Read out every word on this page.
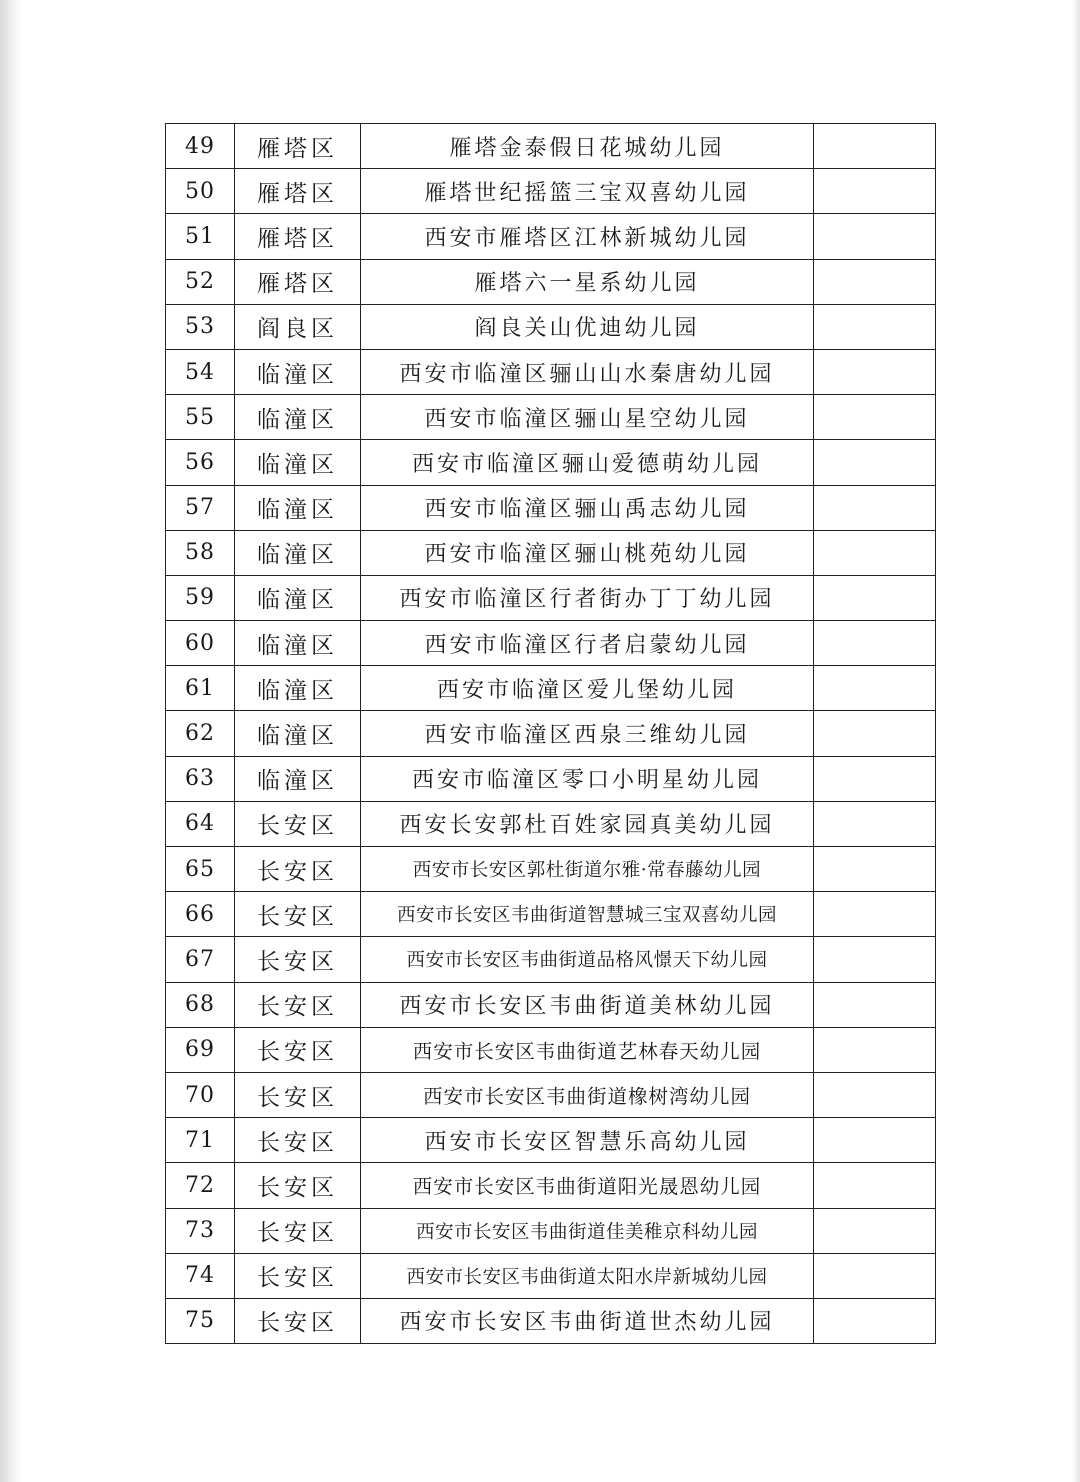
49	雁塔区	雁塔金泰假日花城幼儿园	
50	雁塔区	雁塔世纪摇篮三宝双喜幼儿园	
51	雁塔区	西安市雁塔区江林新城幼儿园	
52	雁塔区	雁塔六一星系幼儿园	
53	阎良区	阎良关山优迪幼儿园	
54	临潼区	西安市临潼区骊山山水秦唐幼儿园	
55	临潼区	西安市临潼区骊山星空幼儿园	
56	临潼区	西安市临潼区骊山爱德萌幼儿园	
57	临潼区	西安市临潼区骊山禹志幼儿园	
58	临潼区	西安市临潼区骊山桃苑幼儿园	
59	临潼区	西安市临潼区行者街办丁丁幼儿园	
60	临潼区	西安市临潼区行者启蒙幼儿园	
61	临潼区	西安市临潼区爱儿堡幼儿园	
62	临潼区	西安市临潼区西泉三维幼儿园	
63	临潼区	西安市临潼区零口小明星幼儿园	
64	长安区	西安长安郭杜百姓家园真美幼儿园	
65	长安区	西安市长安区郭杜街道尔雅·常春藤幼儿园	
66	长安区	西安市长安区韦曲街道智慧城三宝双喜幼儿园	
67	长安区	西安市长安区韦曲街道品格风憬天下幼儿园	
68	长安区	西安市长安区韦曲街道美林幼儿园	
69	长安区	西安市长安区韦曲街道艺林春天幼儿园	
70	长安区	西安市长安区韦曲街道橡树湾幼儿园	
71	长安区	西安市长安区智慧乐高幼儿园	
72	长安区	西安市长安区韦曲街道阳光晟恩幼儿园	
73	长安区	西安市长安区韦曲街道佳美稚京科幼儿园	
74	长安区	西安市长安区韦曲街道太阳水岸新城幼儿园	
75	长安区	西安市长安区韦曲街道世杰幼儿园	
